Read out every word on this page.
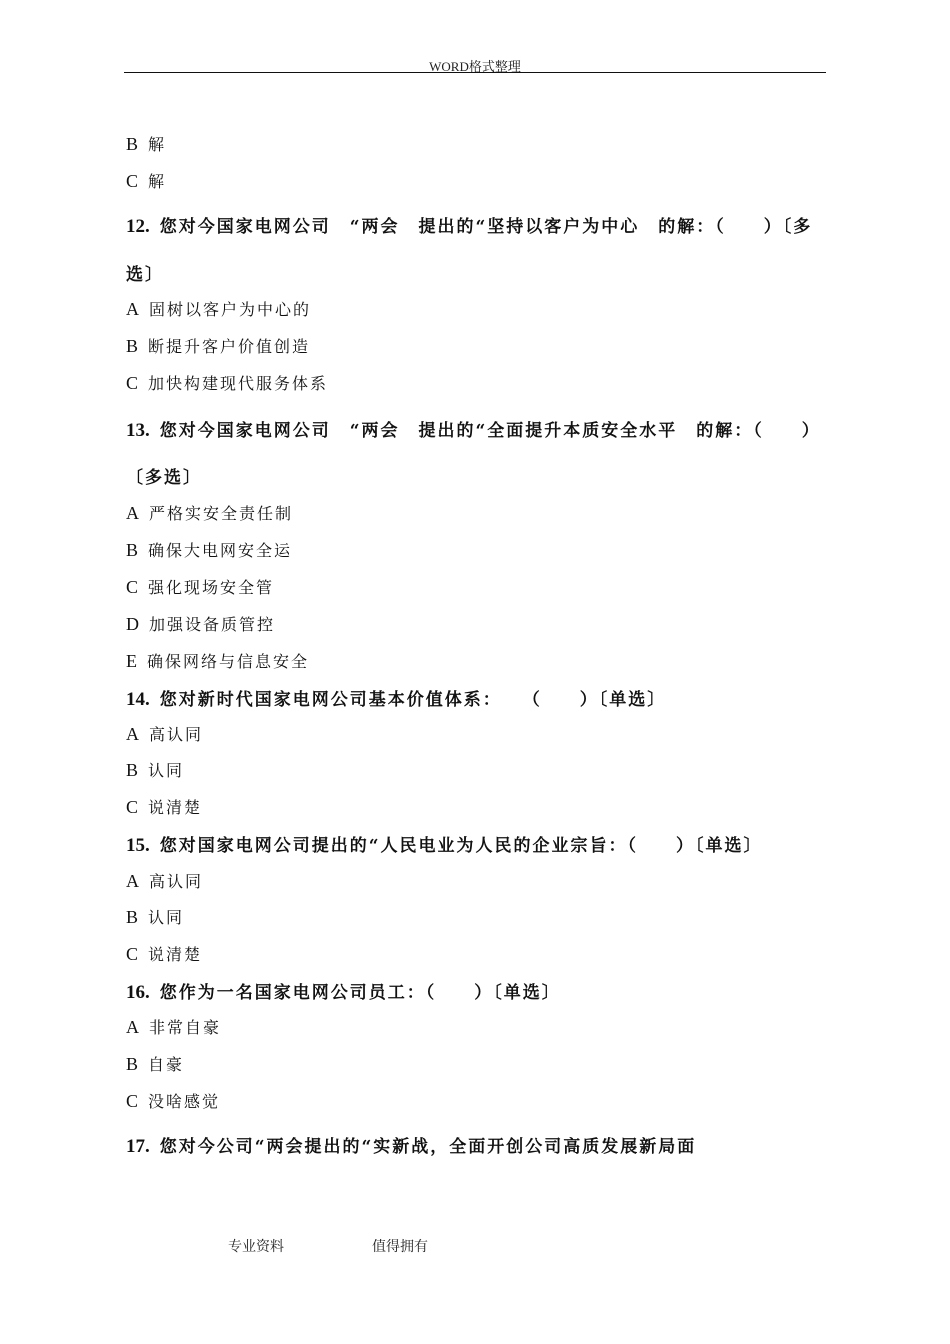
WORD格式整理
B 解
C 解
12. 您对今国家电网公司　“两会　提出的“坚持以客户为中心　的解：（　　）〔多
选〕
A 固树以客户为中心的
B 断提升客户价值创造
C 加快构建现代服务体系
13. 您对今国家电网公司　“两会　提出的“全面提升本质安全水平　的解：（　　）
〔多选〕
A 严格实安全责任制
B 确保大电网安全运
C 强化现场安全管
D 加强设备质管控
E 确保网络与信息安全
14. 您对新时代国家电网公司基本价值体系：　　（　　）〔单选〕
A 高认同
B 认同
C 说清楚
15. 您对国家电网公司提出的“人民电业为人民的企业宗旨：（　　）〔单选〕
A 高认同
B 认同
C 说清楚
16. 您作为一名国家电网公司员工：（　　）〔单选〕
A 非常自豪
B 自豪
C 没啥感觉
17. 您对今公司“两会提出的“实新战，全面开创公司高质发展新局面
专业资料	值得拥有
